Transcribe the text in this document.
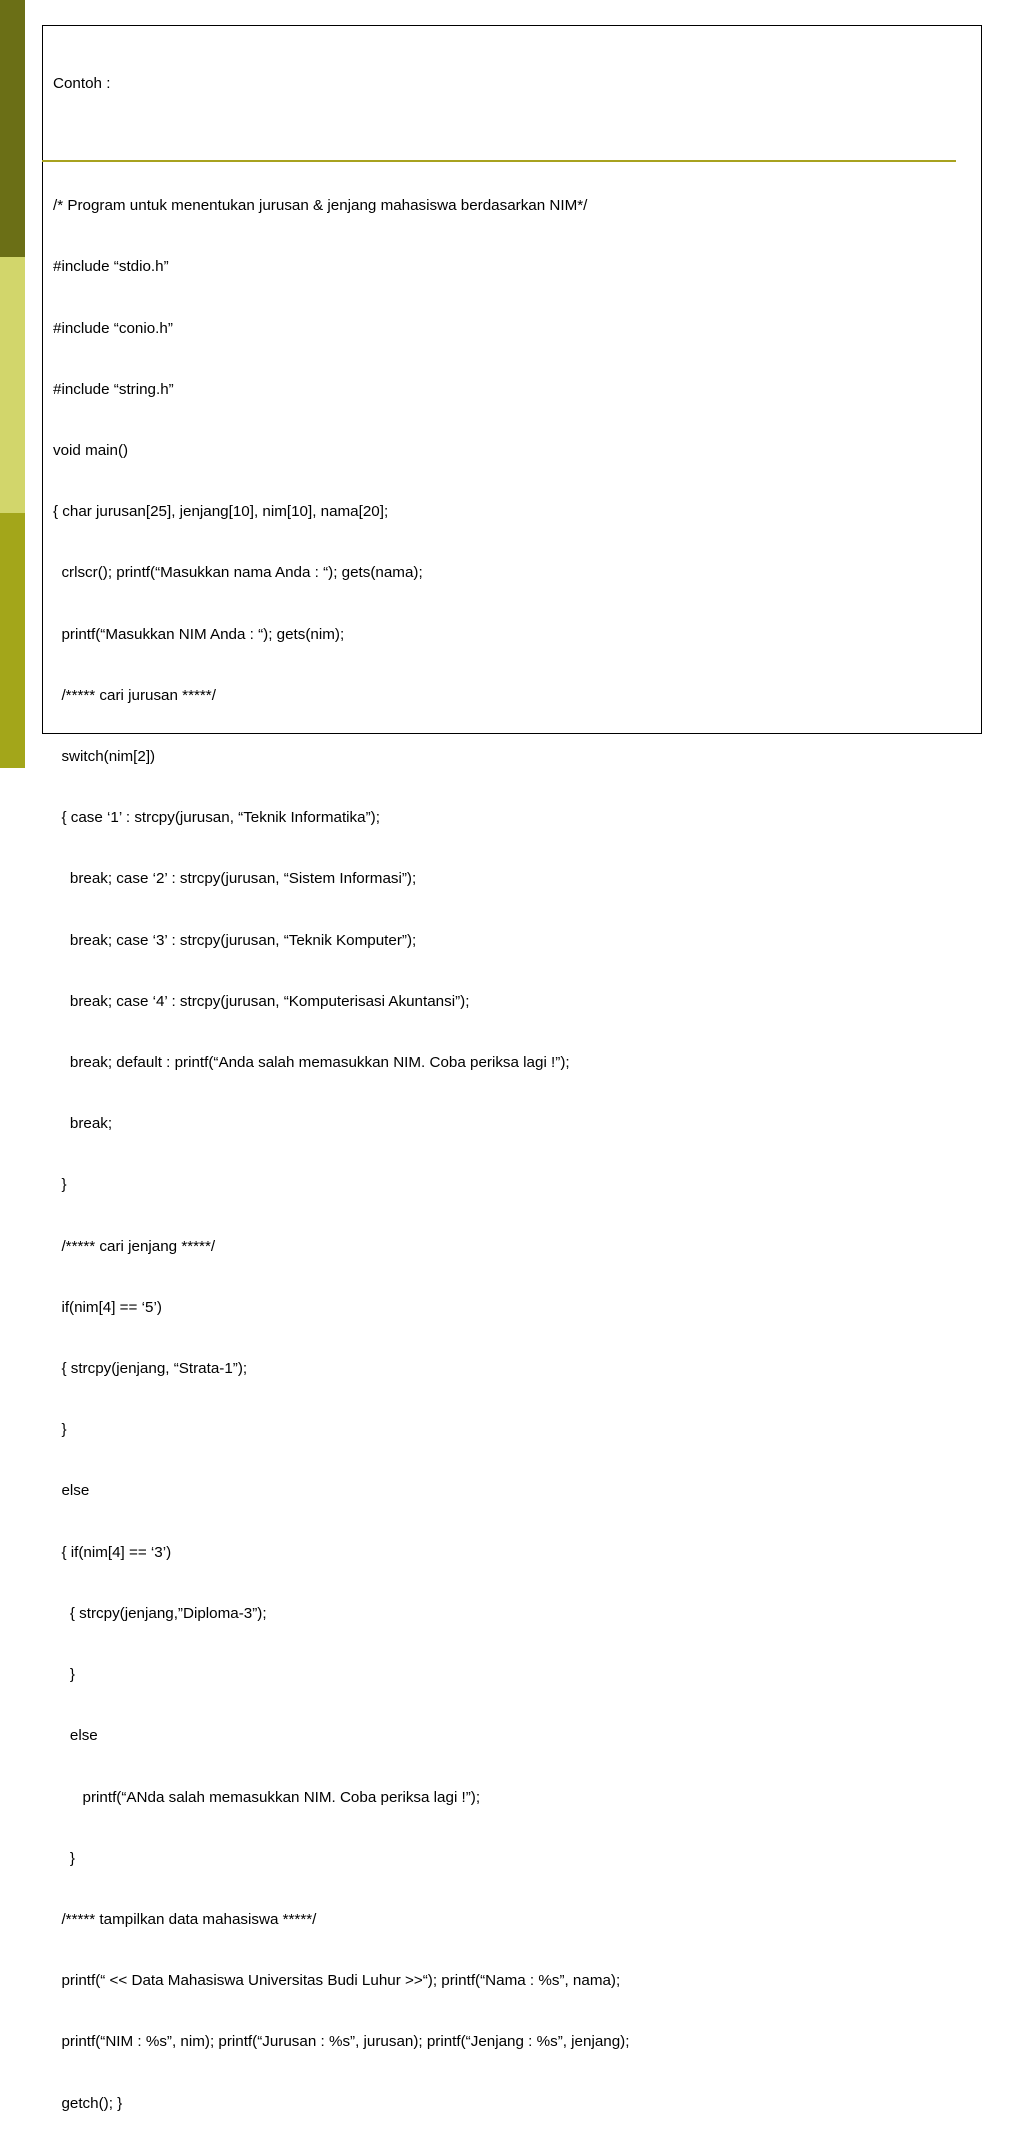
Contoh :

/* Program untuk menentukan jurusan & jenjang mahasiswa berdasarkan NIM*/

#include “stdio.h”

#include “conio.h”

#include “string.h”

void main()

{ char jurusan[25], jenjang[10], nim[10], nama[20];

crlscr(); printf(“Masukkan nama Anda : “); gets(nama);

printf(“Masukkan NIM Anda : “); gets(nim);

/***** cari jurusan *****/

switch(nim[2])

{ case ‘1’ : strcpy(jurusan, “Teknik Informatika”);

break; case ‘2’ : strcpy(jurusan, “Sistem Informasi”);

break; case ‘3’ : strcpy(jurusan, “Teknik Komputer”);

break; case ‘4’ : strcpy(jurusan, “Komputerisasi Akuntansi”);

break; default : printf(“Anda salah memasukkan NIM. Coba periksa lagi !”);

break;

}

/***** cari jenjang *****/

if(nim[4] == ‘5’)

{ strcpy(jenjang, “Strata-1”);

}

else

{ if(nim[4] == ‘3’)

{ strcpy(jenjang,”Diploma-3”);

}

else

printf(“ANda salah memasukkan NIM. Coba periksa lagi !”);

}

/***** tampilkan data mahasiswa *****/

printf(“ << Data Mahasiswa Universitas Budi Luhur >>“); printf(“Nama : %s”, nama);

printf(“NIM : %s”, nim); printf(“Jurusan : %s”, jurusan); printf(“Jenjang : %s”, jenjang);

getch(); }
